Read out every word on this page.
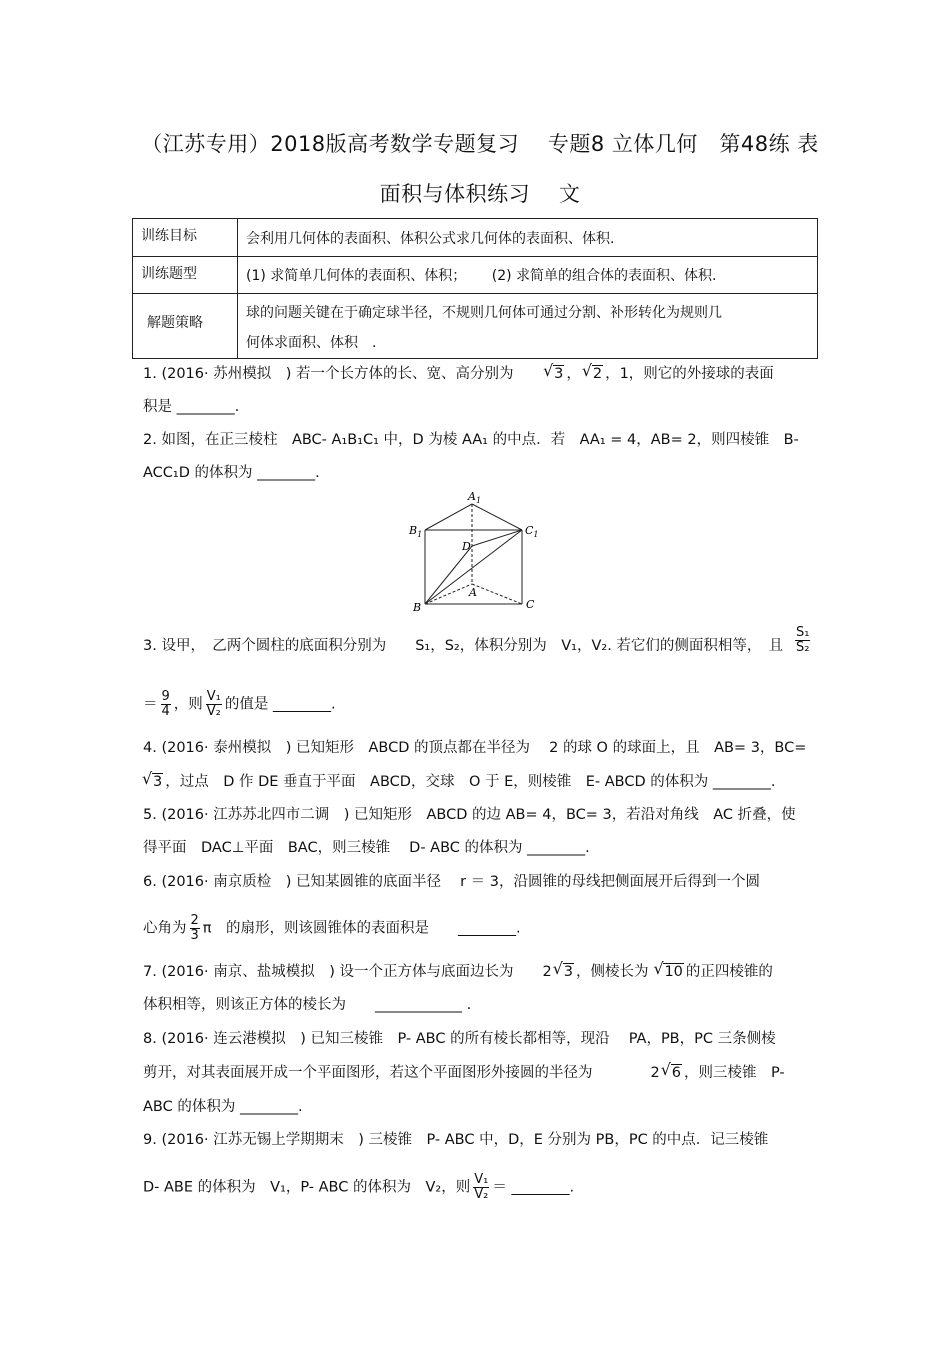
（江苏专用）2018版高考数学专题复习　 专题8 立体几何　第48练 表
面积与体积练习　 文
训练目标	会利用几何体的表面积、体积公式求几何体的表面积、体积.
训练题型	(1) 求简单几何体的表面积、体积；　 　(2) 求简单的组合体的表面积、体积.
解题策略	球的问题关键在于确定球半径，不规则几何体可通过分割、补形转化为规则几
何体求面积、体积　.
1. (2016· 苏州模拟　) 若一个长方体的长、宽、高分别为	√ 3 ， √ 2 ，1，则它的外接球的表面
积是 ________.
2. 如图，在正三棱柱　ABC- A₁B₁C₁ 中，D 为棱 AA₁ 的中点．若　AA₁ = 4，AB= 2，则四棱锥　B-
ACC₁D 的体积为 ________.
$A_1$
$B_1$	$C_1$
D
A
B	C
3. 设甲，　乙两个圆柱的底面积分别为　　S₁，S₂，体积分别为　V₁，V₂. 若它们的侧面积相等，　且 $\frac{\text{S₁}}{\text{S₂}}$
＝ $\frac{9}{4}$ ，则 $\frac{\text{V₁}}{\text{V₂}}$ 的值是 ________.
4. (2016· 泰州模拟　) 已知矩形　ABCD 的顶点都在半径为　 2 的球 O 的球面上，且　AB= 3，BC=
√ 3 ，过点　D 作 DE 垂直于平面　ABCD，交球　O 于 E，则棱锥　E- ABCD 的体积为 ________.
5. (2016· 江苏苏北四市二调　) 已知矩形　ABCD 的边 AB= 4，BC= 3，若沿对角线　AC 折叠，使
得平面　DAC⊥平面　BAC，则三棱锥　 D- ABC 的体积为 ________.
6. (2016· 南京质检　) 已知某圆锥的底面半径　 r ＝ 3，沿圆锥的母线把侧面展开后得到一个圆
心角为 $\frac{2}{3}$ π　 的扇形，则该圆锥体的表面积是　　________.
7. (2016· 南京、盐城模拟　) 设一个正方体与底面边长为　　2 √ 3 ，侧棱长为 √ 10 的正四棱锥的
体积相等，则该正方体的棱长为　　____________ .
8. (2016· 连云港模拟　) 已知三棱锥　P- ABC 的所有棱长都相等，现沿　 PA，PB，PC 三条侧棱
剪开，对其表面展开成一个平面图形，若这个平面图形外接圆的半径为　　　　2 √ 6 ，则三棱锥　P-
ABC 的体积为 ________.
9. (2016· 江苏无锡上学期期末　) 三棱锥　P- ABC 中，D，E 分别为 PB，PC 的中点．记三棱锥
D- ABE 的体积为　V₁，P- ABC 的体积为　V₂，则 $\frac{\text{V₁}}{\text{V₂}}$ ＝ ________.
